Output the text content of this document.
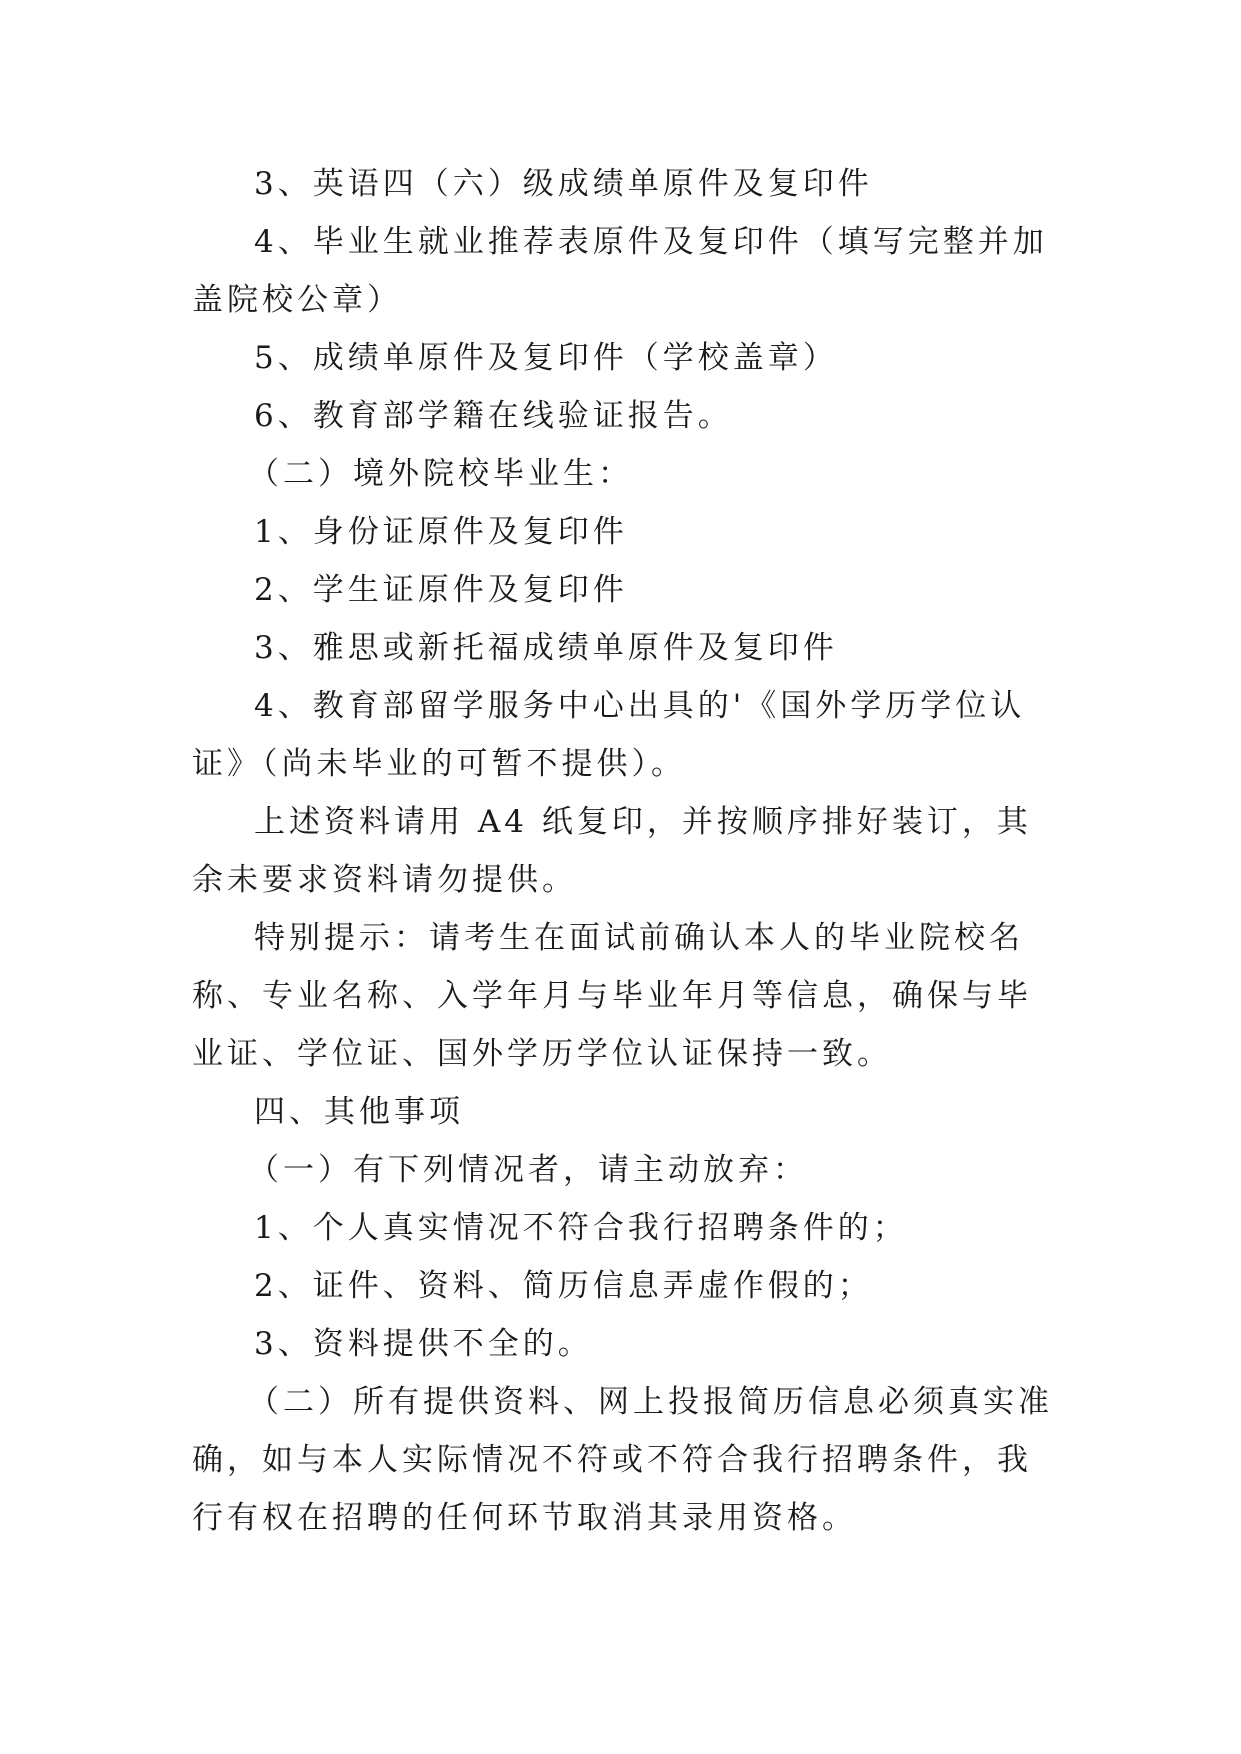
3、英语四（六）级成绩单原件及复印件

4、毕业生就业推荐表原件及复印件（填写完整并加盖院校公章）

5、成绩单原件及复印件（学校盖章）

6、教育部学籍在线验证报告。

（二）境外院校毕业生：

1、身份证原件及复印件

2、学生证原件及复印件

3、雅思或新托福成绩单原件及复印件

4、教育部留学服务中心出具的'《国外学历学位认证》（尚未毕业的可暂不提供）。

上述资料请用 A4 纸复印，并按顺序排好装订，其余未要求资料请勿提供。

特别提示：请考生在面试前确认本人的毕业院校名称、专业名称、入学年月与毕业年月等信息，确保与毕业证、学位证、国外学历学位认证保持一致。

四、其他事项

（一）有下列情况者，请主动放弃：

1、个人真实情况不符合我行招聘条件的；

2、证件、资料、简历信息弄虚作假的；

3、资料提供不全的。

（二）所有提供资料、网上投报简历信息必须真实准确，如与本人实际情况不符或不符合我行招聘条件，我行有权在招聘的任何环节取消其录用资格。
